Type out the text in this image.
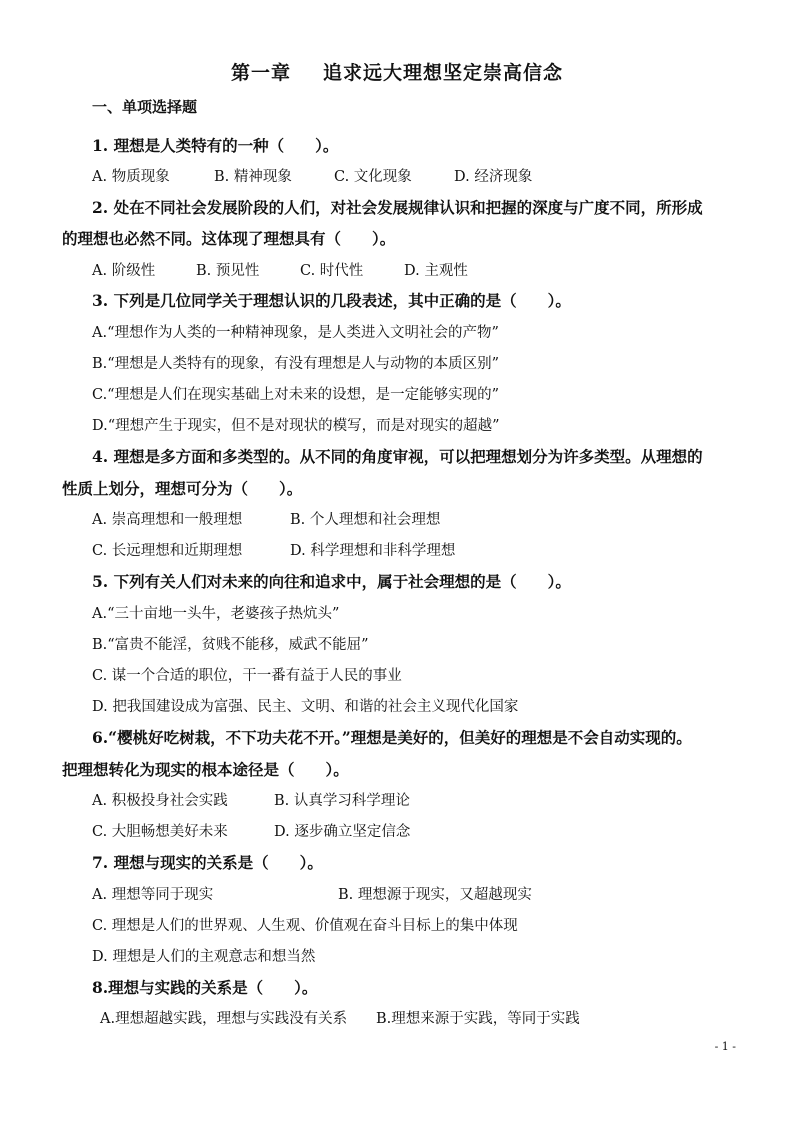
第一章 追求远大理想坚定崇高信念
一、单项选择题
1. 理想是人类特有的一种（　　）。
A. 物质现象	B. 精神现象	C. 文化现象	D. 经济现象
2. 处在不同社会发展阶段的人们，对社会发展规律认识和把握的深度与广度不同，所形成
的理想也必然不同。这体现了理想具有（　　）。
A. 阶级性	B. 预见性	C. 时代性	D. 主观性
3. 下列是几位同学关于理想认识的几段表述，其中正确的是（　　）。
A.“理想作为人类的一种精神现象，是人类进入文明社会的产物”
B.“理想是人类特有的现象，有没有理想是人与动物的本质区别”
C.“理想是人们在现实基础上对未来的设想，是一定能够实现的”
D.“理想产生于现实，但不是对现状的模写，而是对现实的超越”
4. 理想是多方面和多类型的。从不同的角度审视，可以把理想划分为许多类型。从理想的
性质上划分，理想可分为（　　）。
A. 崇高理想和一般理想	B. 个人理想和社会理想
C. 长远理想和近期理想	D. 科学理想和非科学理想
5. 下列有关人们对未来的向往和追求中，属于社会理想的是（　　）。
A.“三十亩地一头牛，老婆孩子热炕头”
B.“富贵不能淫，贫贱不能移，威武不能屈”
C. 谋一个合适的职位，干一番有益于人民的事业
D. 把我国建设成为富强、民主、文明、和谐的社会主义现代化国家
6.“樱桃好吃树栽，不下功夫花不开。”理想是美好的，但美好的理想是不会自动实现的。
把理想转化为现实的根本途径是（　　）。
A. 积极投身社会实践	B. 认真学习科学理论
C. 大胆畅想美好未来	D. 逐步确立坚定信念
7. 理想与现实的关系是（　　）。
A. 理想等同于现实	B. 理想源于现实，又超越现实
C. 理想是人们的世界观、人生观、价值观在奋斗目标上的集中体现
D. 理想是人们的主观意志和想当然
8.理想与实践的关系是（　　）。
A.理想超越实践，理想与实践没有关系 B.理想来源于实践，等同于实践
- 1 -
